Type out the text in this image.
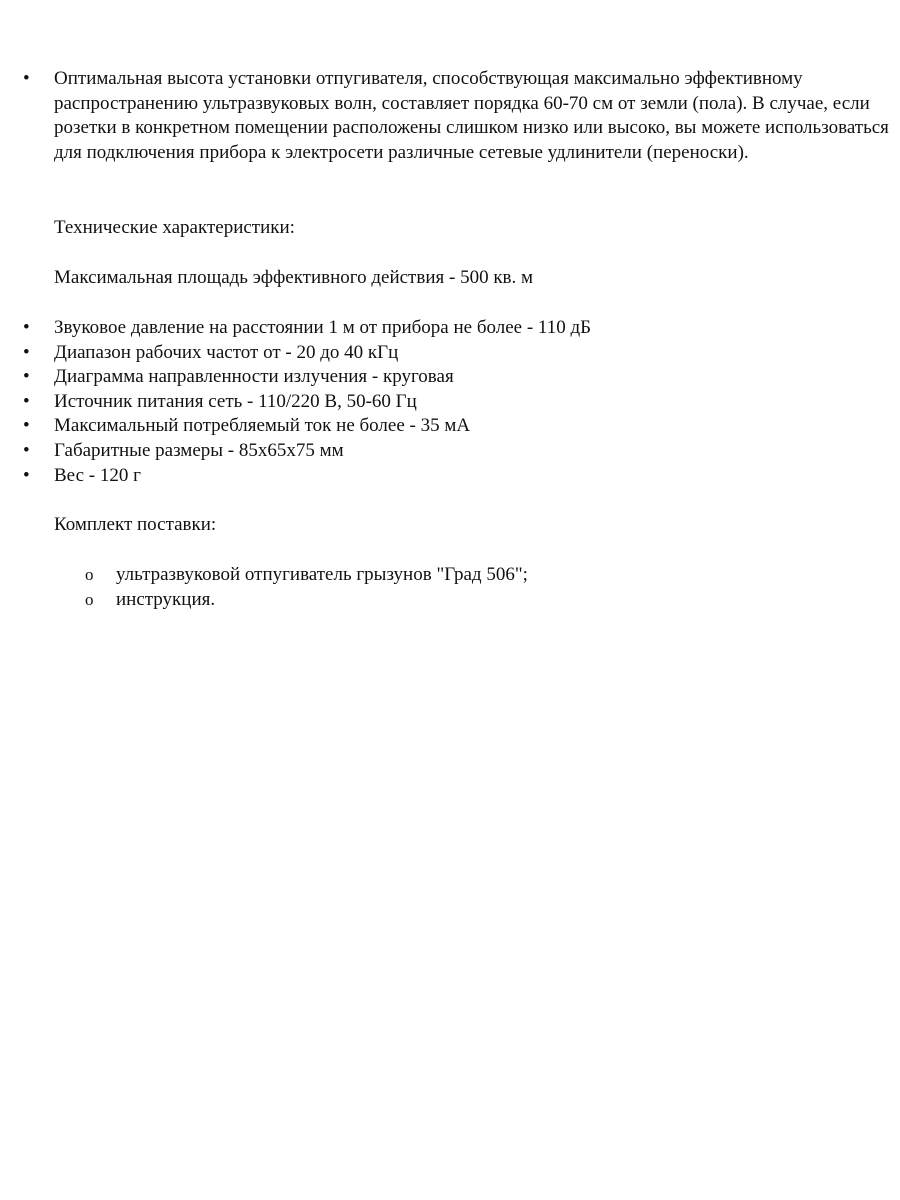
• Оптимальная высота установки отпугивателя, способствующая максимально эффективному распространению ультразвуковых волн, составляет порядка 60-70 см от земли (пола). В случае, если розетки в конкретном помещении расположены слишком низко или высоко, вы можете использоваться для подключения прибора к электросети различные сетевые удлинители (переноски).
Технические характеристики:
Максимальная площадь эффективного действия - 500 кв. м
• Звуковое давление на расстоянии 1 м от прибора не более - 110 дБ
• Диапазон рабочих частот от - 20 до 40 кГц
• Диаграмма направленности излучения - круговая
• Источник питания сеть - 110/220 В, 50-60 Гц
• Максимальный потребляемый ток не более - 35 мА
• Габаритные размеры - 85x65x75 мм
• Вес - 120 г
Комплект поставки:
o ультразвуковой отпугиватель грызунов "Град 506";
o инструкция.
